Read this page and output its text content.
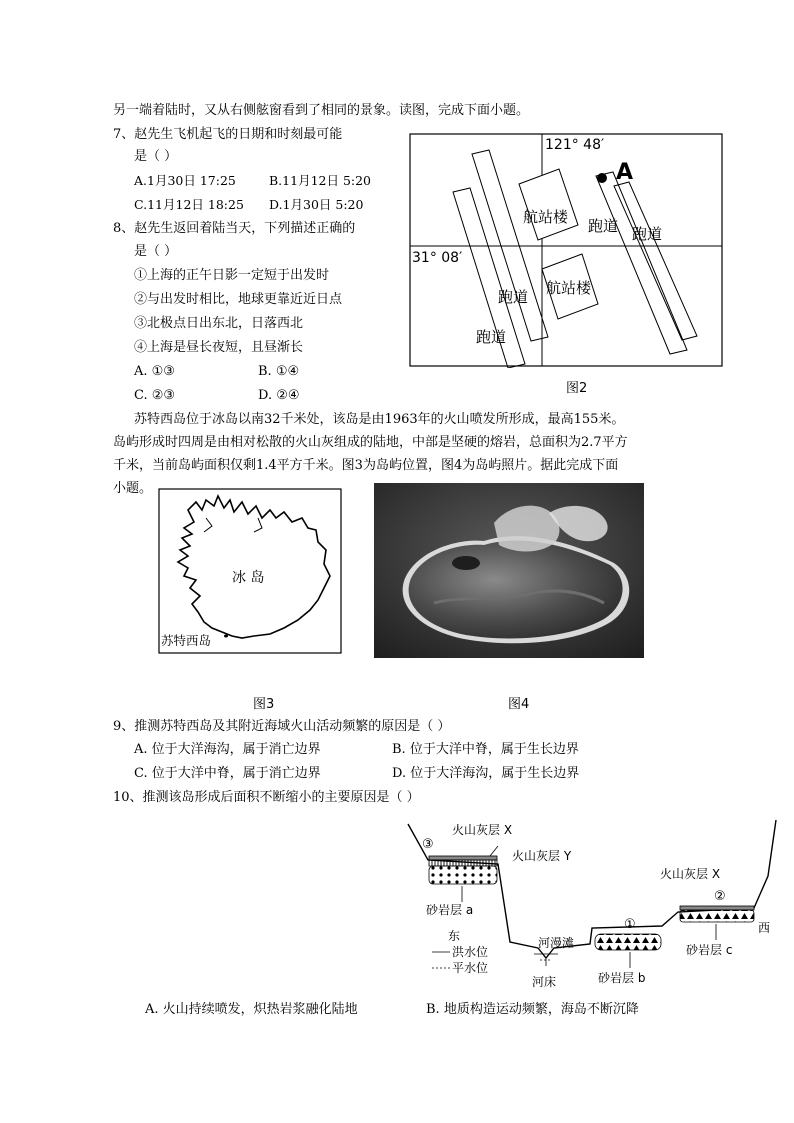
另一端着陆时，又从右侧舷窗看到了相同的景象。读图，完成下面小题。
7、赵先生飞机起飞的日期和时刻最可能
是（ ）
A.1月30日 17:25	B.11月12日 5:20
C.11月12日 18:25 D.1月30日 5:20
8、赵先生返回着陆当天，下列描述正确的
是（ ）
①上海的正午日影一定短于出发时
②与出发时相比，地球更靠近近日点
③北极点日出东北，日落西北
④上海是昼长夜短，且昼渐长
A. ①③	B. ①④
C. ②③	D. ②④
121° 48′
31° 08′
A
航站楼
航站楼
跑道 跑道
跑道
跑道
图2
苏特西岛位于冰岛以南32千米处，该岛是由1963年的火山喷发所形成，最高155米。
岛屿形成时四周是由相对松散的火山灰组成的陆地，中部是坚硬的熔岩，总面积为2.7平方
千米，当前岛屿面积仅剩1.4平方千米。图3为岛屿位置，图4为岛屿照片。据此完成下面
小题。
冰 岛
苏特西岛
图3	图4
9、推测苏特西岛及其附近海域火山活动频繁的原因是（ ）
A. 位于大洋海沟，属于消亡边界	B. 位于大洋中脊，属于生长边界
C. 位于大洋中脊，属于消亡边界	D. 位于大洋海沟，属于生长边界
10、推测该岛形成后面积不断缩小的主要原因是（ ）
③
火山灰层 X
火山灰层 Y
砂岩层 a
东
洪水位
平水位
河漫滩
河床
①
砂岩层 b
火山灰层 X
②
砂岩层 c
西
A. 火山持续喷发，炽热岩浆融化陆地	B. 地质构造运动频繁，海岛不断沉降
